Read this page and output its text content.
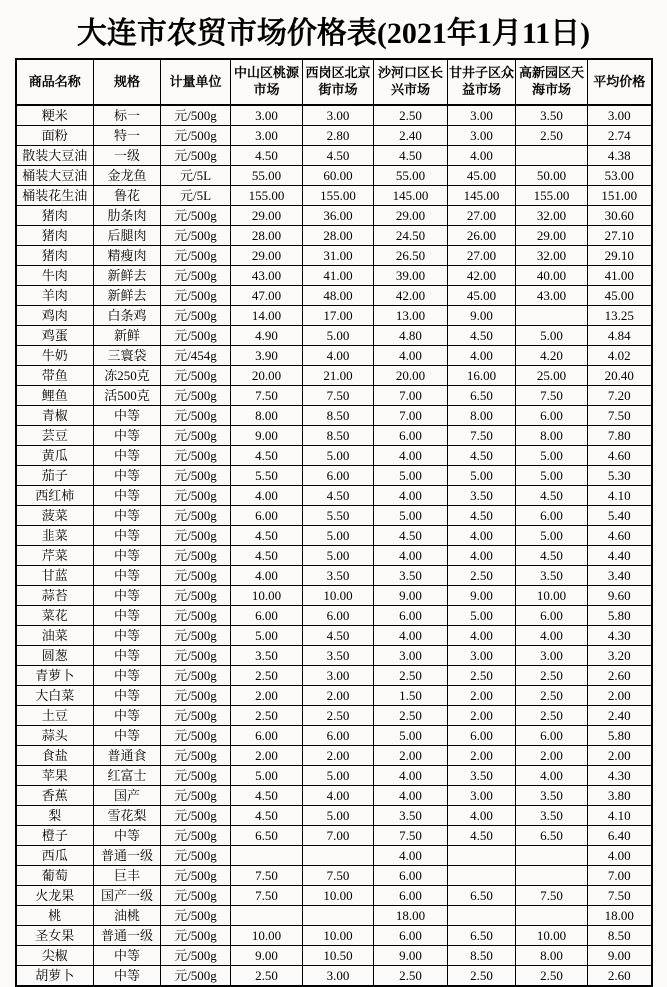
大连市农贸市场价格表(2021年1月11日)
商品名称	规格	计量单位	中山区桃源市场	西岗区北京街市场	沙河口区长兴市场	甘井子区众益市场	高新园区天海市场	平均价格
粳米	标一	元/500g	3.00	3.00	2.50	3.00	3.50	3.00
面粉	特一	元/500g	3.00	2.80	2.40	3.00	2.50	2.74
散装大豆油	一级	元/500g	4.50	4.50	4.50	4.00		4.38
桶装大豆油	金龙鱼	元/5L	55.00	60.00	55.00	45.00	50.00	53.00
桶装花生油	鲁花	元/5L	155.00	155.00	145.00	145.00	155.00	151.00
猪肉	肋条肉	元/500g	29.00	36.00	29.00	27.00	32.00	30.60
猪肉	后腿肉	元/500g	28.00	28.00	24.50	26.00	29.00	27.10
猪肉	精瘦肉	元/500g	29.00	31.00	26.50	27.00	32.00	29.10
牛肉	新鲜去	元/500g	43.00	41.00	39.00	42.00	40.00	41.00
羊肉	新鲜去	元/500g	47.00	48.00	42.00	45.00	43.00	45.00
鸡肉	白条鸡	元/500g	14.00	17.00	13.00	9.00		13.25
鸡蛋	新鲜	元/500g	4.90	5.00	4.80	4.50	5.00	4.84
牛奶	三寰袋	元/454g	3.90	4.00	4.00	4.00	4.20	4.02
带鱼	冻250克	元/500g	20.00	21.00	20.00	16.00	25.00	20.40
鲤鱼	活500克	元/500g	7.50	7.50	7.00	6.50	7.50	7.20
青椒	中等	元/500g	8.00	8.50	7.00	8.00	6.00	7.50
芸豆	中等	元/500g	9.00	8.50	6.00	7.50	8.00	7.80
黄瓜	中等	元/500g	4.50	5.00	4.00	4.50	5.00	4.60
茄子	中等	元/500g	5.50	6.00	5.00	5.00	5.00	5.30
西红柿	中等	元/500g	4.00	4.50	4.00	3.50	4.50	4.10
菠菜	中等	元/500g	6.00	5.50	5.00	4.50	6.00	5.40
韭菜	中等	元/500g	4.50	5.00	4.50	4.00	5.00	4.60
芹菜	中等	元/500g	4.50	5.00	4.00	4.00	4.50	4.40
甘蓝	中等	元/500g	4.00	3.50	3.50	2.50	3.50	3.40
蒜苔	中等	元/500g	10.00	10.00	9.00	9.00	10.00	9.60
菜花	中等	元/500g	6.00	6.00	6.00	5.00	6.00	5.80
油菜	中等	元/500g	5.00	4.50	4.00	4.00	4.00	4.30
圆葱	中等	元/500g	3.50	3.50	3.00	3.00	3.00	3.20
青萝卜	中等	元/500g	2.50	3.00	2.50	2.50	2.50	2.60
大白菜	中等	元/500g	2.00	2.00	1.50	2.00	2.50	2.00
土豆	中等	元/500g	2.50	2.50	2.50	2.00	2.50	2.40
蒜头	中等	元/500g	6.00	6.00	5.00	6.00	6.00	5.80
食盐	普通食	元/500g	2.00	2.00	2.00	2.00	2.00	2.00
苹果	红富士	元/500g	5.00	5.00	4.00	3.50	4.00	4.30
香蕉	国产	元/500g	4.50	4.00	4.00	3.00	3.50	3.80
梨	雪花梨	元/500g	4.50	5.00	3.50	4.00	3.50	4.10
橙子	中等	元/500g	6.50	7.00	7.50	4.50	6.50	6.40
西瓜	普通一级	元/500g			4.00			4.00
葡萄	巨丰	元/500g	7.50	7.50	6.00			7.00
火龙果	国产一级	元/500g	7.50	10.00	6.00	6.50	7.50	7.50
桃	油桃	元/500g			18.00			18.00
圣女果	普通一级	元/500g	10.00	10.00	6.00	6.50	10.00	8.50
尖椒	中等	元/500g	9.00	10.50	9.00	8.50	8.00	9.00
胡萝卜	中等	元/500g	2.50	3.00	2.50	2.50	2.50	2.60
